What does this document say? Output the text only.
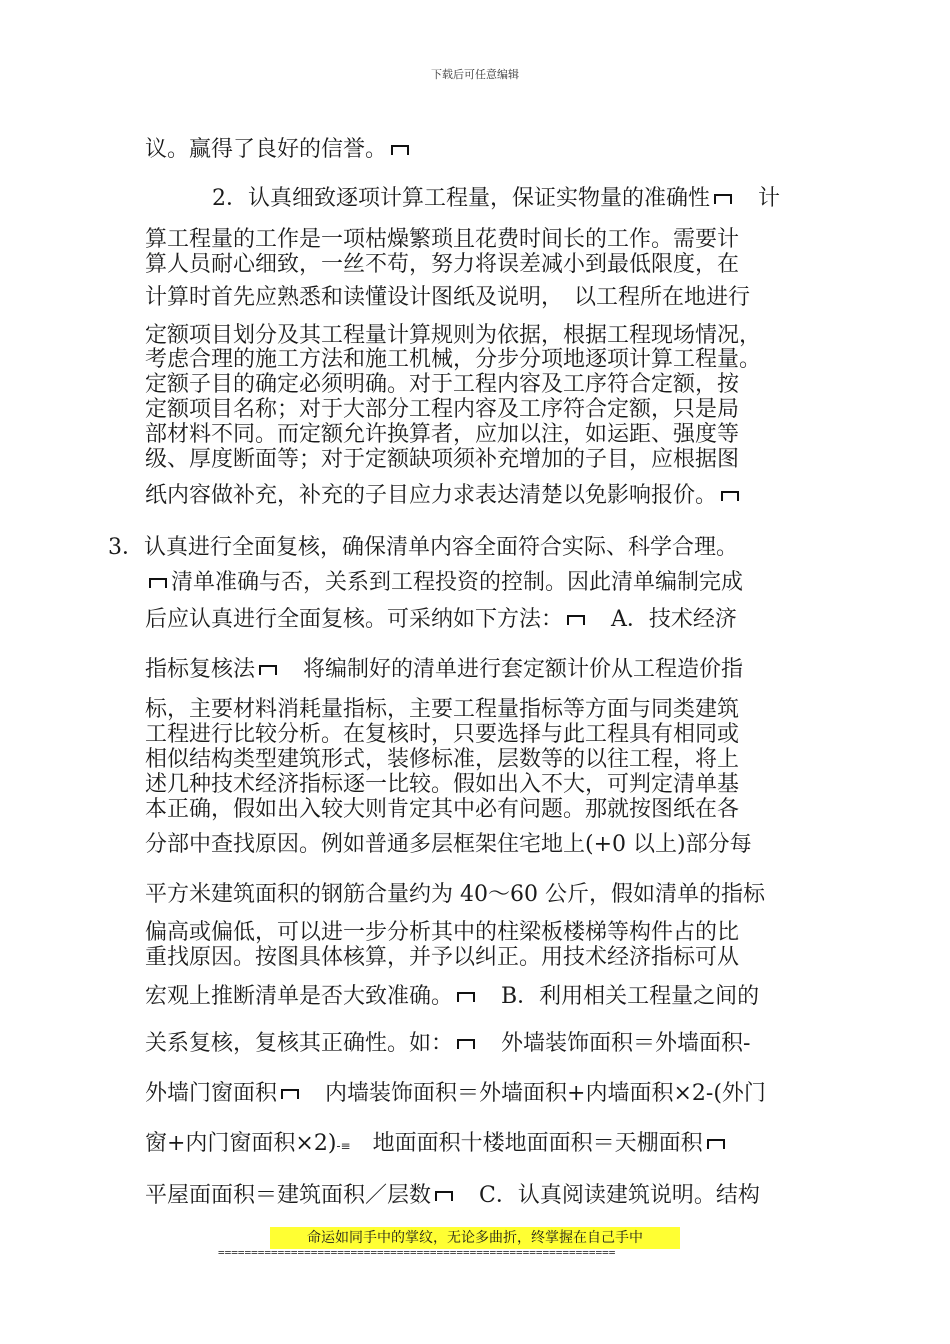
下载后可任意编辑
议。赢得了良好的信誉。
　2．认真细致逐项计算工程量，保证实物量的准确性　计
算工程量的工作是一项枯燥繁琐且花费时间长的工作。需要计
算人员耐心细致，一丝不苟，努力将误差减小到最低限度，在
计算时首先应熟悉和读懂设计图纸及说明，　以工程所在地进行
定额项目划分及其工程量计算规则为依据，根据工程现场情况，
考虑合理的施工方法和施工机械，分步分项地逐项计算工程量。
定额子目的确定必须明确。对于工程内容及工序符合定额，按
定额项目名称；对于大部分工程内容及工序符合定额，只是局
部材料不同。而定额允许换算者，应加以注，如运距、强度等
级、厚度断面等；对于定额缺项须补充增加的子目，应根据图
纸内容做补充，补充的子目应力求表达清楚以免影响报价。
3．认真进行全面复核，确保清单内容全面符合实际、科学合理。
清单准确与否，关系到工程投资的控制。因此清单编制完成
后应认真进行全面复核。可采纳如下方法：　A．技术经济
指标复核法　将编制好的清单进行套定额计价从工程造价指
标，主要材料消耗量指标，主要工程量指标等方面与同类建筑
工程进行比较分析。在复核时，只要选择与此工程具有相同或
相似结构类型建筑形式，装修标准，层数等的以往工程，将上
述几种技术经济指标逐一比较。假如出入不大，可判定清单基
本正确，假如出入较大则肯定其中必有问题。那就按图纸在各
分部中查找原因。例如普通多层框架住宅地上(+0 以上)部分每
平方米建筑面积的钢筋合量约为 40～60 公斤，假如清单的指标
偏高或偏低，可以进一步分析其中的柱梁板楼梯等构件占的比
重找原因。按图具体核算，并予以纠正。用技术经济指标可从
宏观上推断清单是否大致准确。　B．利用相关工程量之间的
关系复核，复核其正确性。如：　外墙装饰面积＝外墙面积-
外墙门窗面积　内墙装饰面积＝外墙面积+内墙面积×2-(外门
窗+内门窗面积×2)-≡　地面面积十楼地面面积＝天棚面积
平屋面面积＝建筑面积／层数　C．认真阅读建筑说明。结构
命运如同手中的掌纹，无论多曲折，终掌握在自己手中
============================================================
